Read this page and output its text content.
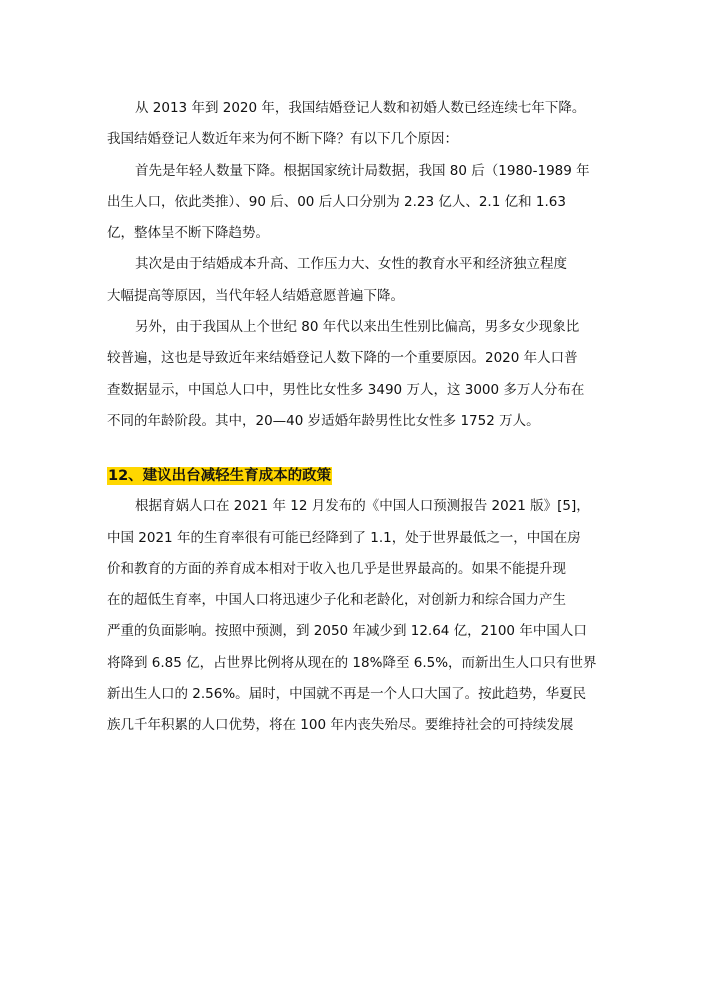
从 2013 年到 2020 年，我国结婚登记人数和初婚人数已经连续七年下降。

我国结婚登记人数近年来为何不断下降？有以下几个原因：

首先是年轻人数量下降。根据国家统计局数据，我国 80 后（1980-1989 年
出生人口，依此类推）、90 后、00 后人口分别为 2.23 亿人、2.1 亿和 1.63
亿，整体呈不断下降趋势。

其次是由于结婚成本升高、工作压力大、女性的教育水平和经济独立程度
大幅提高等原因，当代年轻人结婚意愿普遍下降。

另外，由于我国从上个世纪 80 年代以来出生性别比偏高，男多女少现象比
较普遍，这也是导致近年来结婚登记人数下降的一个重要原因。2020 年人口普
查数据显示，中国总人口中，男性比女性多 3490 万人，这 3000 多万人分布在
不同的年龄阶段。其中，20—40 岁适婚年龄男性比女性多 1752 万人。

12、建议出台减轻生育成本的政策

根据育娲人口在 2021 年 12 月发布的《中国人口预测报告 2021 版》[5]，
中国 2021 年的生育率很有可能已经降到了 1.1，处于世界最低之一，中国在房
价和教育的方面的养育成本相对于收入也几乎是世界最高的。如果不能提升现
在的超低生育率，中国人口将迅速少子化和老龄化，对创新力和综合国力产生
严重的负面影响。按照中预测，到 2050 年减少到 12.64 亿，2100 年中国人口
将降到 6.85 亿，占世界比例将从现在的 18%降至 6.5%，而新出生人口只有世界
新出生人口的 2.56%。届时，中国就不再是一个人口大国了。按此趋势，华夏民
族几千年积累的人口优势，将在 100 年内丧失殆尽。要维持社会的可持续发展
